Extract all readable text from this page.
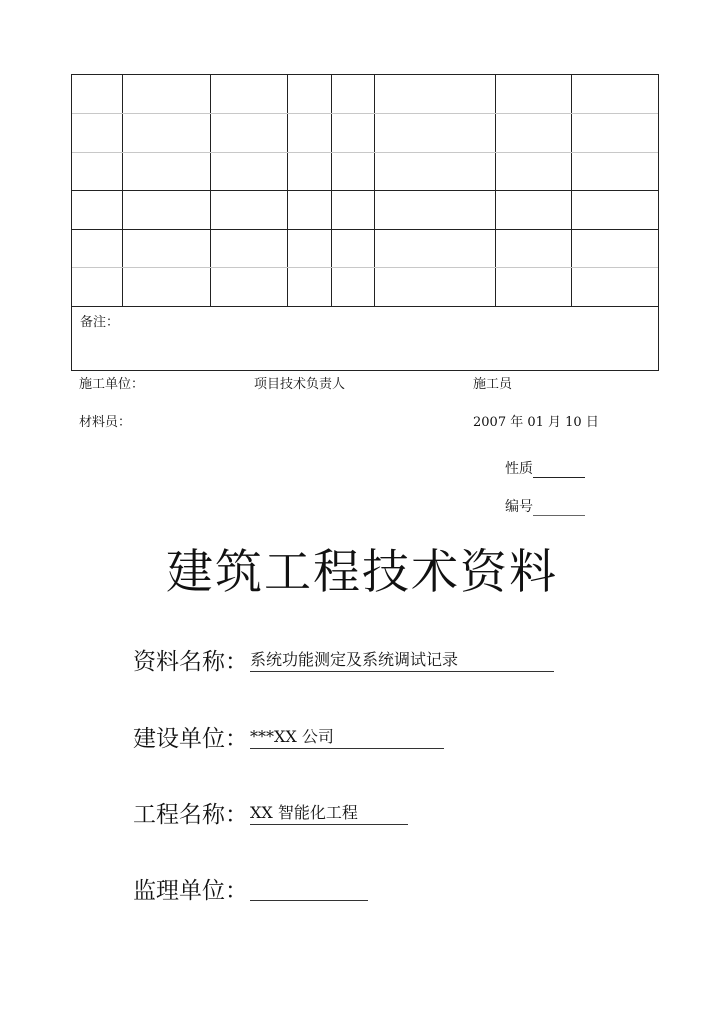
备注：
施工单位：	项目技术负责人	施工员
材料员：	2007 年 01 月 10 日
性质
编号
建筑工程技术资料
资料名称： 系统功能测定及系统调试记录
建设单位： ***XX 公司
工程名称： XX 智能化工程
监理单位：
